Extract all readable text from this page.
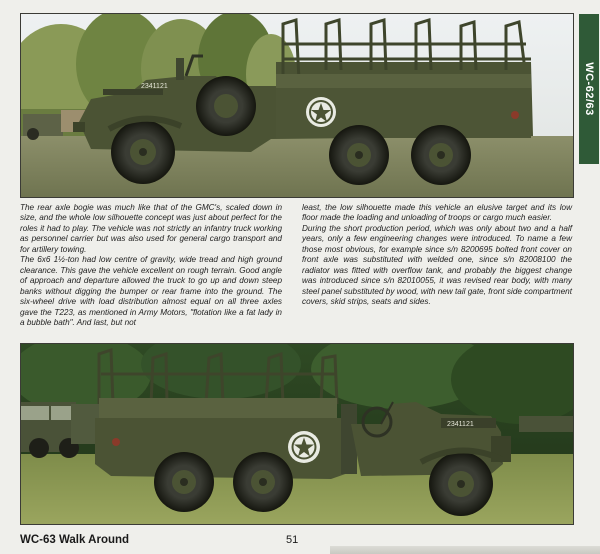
WC-62/63
2341121

The rear axle bogie was much like that of the GMC's, scaled down in size, and the whole low silhouette concept was just about perfect for the roles it had to play. The vehicle was not strictly an infantry truck working as personnel carrier but was also used for general cargo transport and for artillery towing.

The 6x6 1½-ton had low centre of gravity, wide tread and high ground clearance. This gave the vehicle excellent on rough terrain. Good angle of approach and departure allowed the truck to go up and down steep banks without digging the bumper or rear frame into the ground. The six-wheel drive with load distribution almost equal on all three axles gave the T223, as mentioned in Army Motors, "flotation like a fat lady in a bubble bath". And last, but not

least, the low silhouette made this vehicle an elusive target and its low floor made the loading and unloading of troops or cargo much easier.

During the short production period, which was only about two and a half years, only a few engineering changes were introduced. To name a few those most obvious, for example since s/n 8200695 bolted front cover on front axle was substituted with welded one, since s/n 82008100 the radiator was fitted with overflow tank, and probably the biggest change was introduced since s/n 82010055, it was revised rear body, with many steel panel substituted by wood, with new tail gate, front side compartment covers, skid strips, seats and sides.

2341121
WC-63 Walk Around	51
